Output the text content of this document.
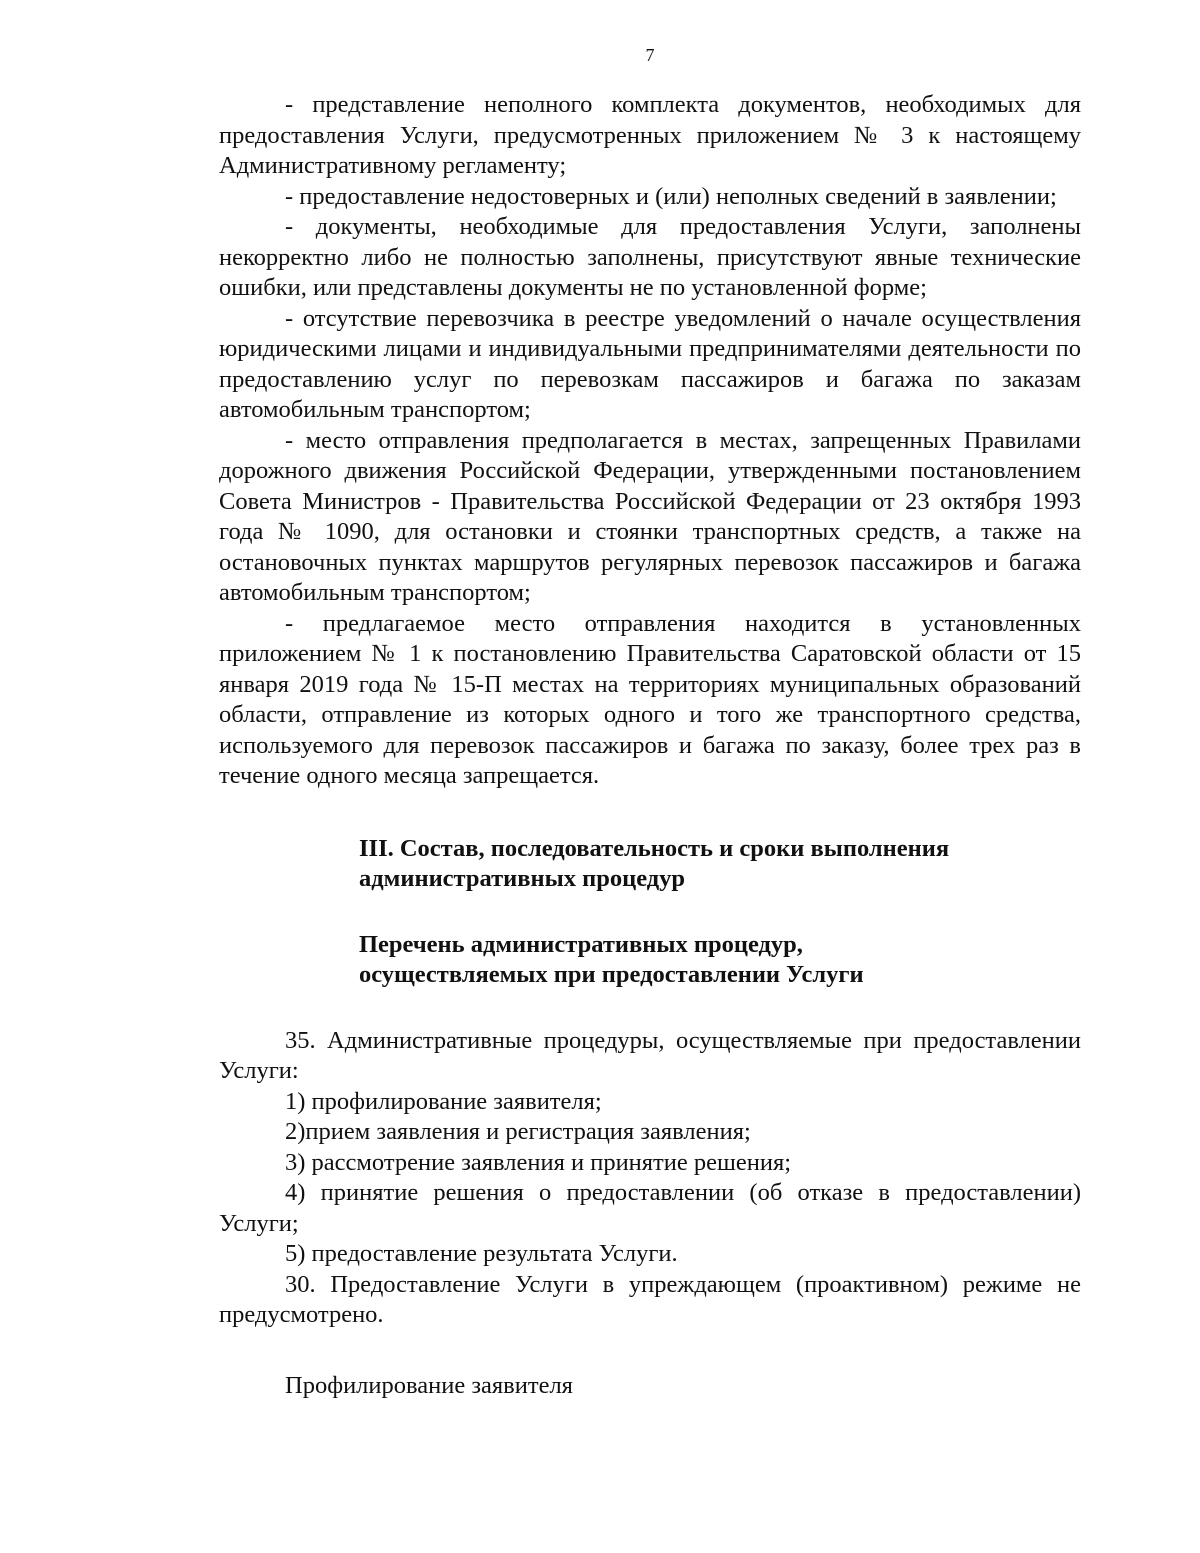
7

- представление неполного комплекта документов, необходимых для предоставления Услуги, предусмотренных приложением № 3 к настоящему Административному регламенту;

- предоставление недостоверных и (или) неполных сведений в заявлении;

- документы, необходимые для предоставления Услуги, заполнены некорректно либо не полностью заполнены, присутствуют явные технические ошибки, или представлены документы не по установленной форме;

- отсутствие перевозчика в реестре уведомлений о начале осуществления юридическими лицами и индивидуальными предпринимателями деятельности по предоставлению услуг по перевозкам пассажиров и багажа по заказам автомобильным транспортом;

- место отправления предполагается в местах, запрещенных Правилами дорожного движения Российской Федерации, утвержденными постановлением Совета Министров - Правительства Российской Федерации от 23 октября 1993 года № 1090, для остановки и стоянки транспортных средств, а также на остановочных пунктах маршрутов регулярных перевозок пассажиров и багажа автомобильным транспортом;

- предлагаемое место отправления находится в установленных приложением № 1 к постановлению Правительства Саратовской области от 15 января 2019 года № 15-П местах на территориях муниципальных образований области, отправление из которых одного и того же транспортного средства, используемого для перевозок пассажиров и багажа по заказу, более трех раз в течение одного месяца запрещается.

III. Состав, последовательность и сроки выполнения
административных процедур

Перечень административных процедур,
осуществляемых при предоставлении Услуги

35. Административные процедуры, осуществляемые при предоставлении Услуги:

1) профилирование заявителя;

2)прием заявления и регистрация заявления;

3) рассмотрение заявления и принятие решения;

4) принятие решения о предоставлении (об отказе в предоставлении) Услуги;

5) предоставление результата Услуги.

30. Предоставление Услуги в упреждающем (проактивном) режиме не предусмотрено.

Профилирование заявителя
